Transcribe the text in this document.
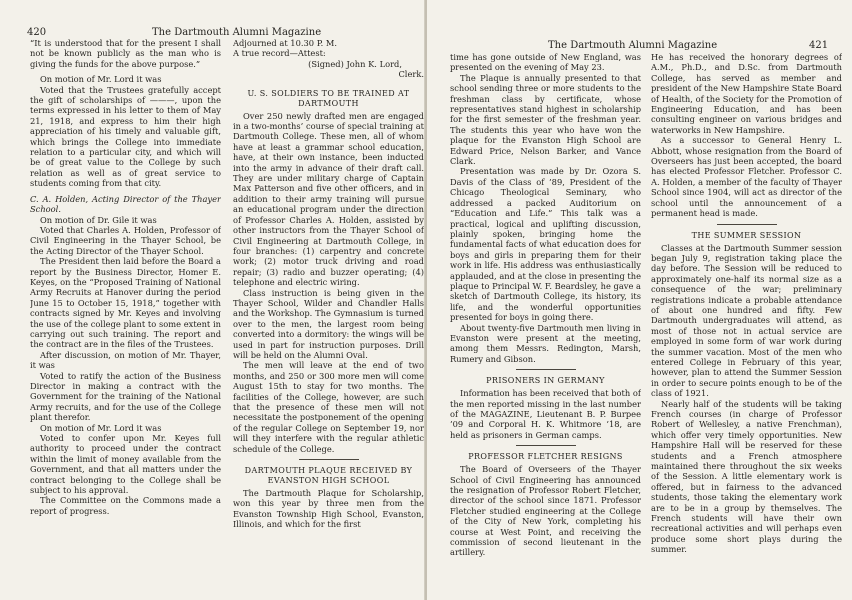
420	The Dartmouth Alumni Magazine

“It is understood that for the present I shall not be known publicly as the man who is giving the funds for the above purpose.”

On motion of Mr. Lord it was

Voted that the Trustees gratefully accept the gift of scholarships of ———, upon the terms expressed in his letter to them of May 21, 1918, and express to him their high appreciation of his timely and valuable gift, which brings the College into immediate relation to a particular city, and which will be of great value to the College by such relation as well as of great service to students coming from that city.

C. A. Holden, Acting Director of the Thayer School.

On motion of Dr. Gile it was

Voted that Charles A. Holden, Professor of Civil Engineering in the Thayer School, be the Acting Director of the Thayer School.

The President then laid before the Board a report by the Business Director, Homer E. Keyes, on the “Proposed Training of National Army Recruits at Hanover during the period June 15 to October 15, 1918,” together with contracts signed by Mr. Keyes and involving the use of the college plant to some extent in carrying out such training. The report and the contract are in the files of the Trustees.

After discussion, on motion of Mr. Thayer, it was

Voted to ratify the action of the Business Director in making a contract with the Government for the training of the National Army recruits, and for the use of the College plant therefor.

On motion of Mr. Lord it was

Voted to confer upon Mr. Keyes full authority to proceed under the contract within the limit of money available from the Government, and that all matters under the contract belonging to the College shall be subject to his approval.

The Committee on the Commons made a report of progress.

Adjourned at 10.30 P. M.

A true record—Attest:

(Signed) John K. Lord,

Clerk.

U. S. SOLDIERS TO BE TRAINED AT DARTMOUTH

Over 250 newly drafted men are engaged in a two-months’ course of special training at Dartmouth College. These men, all of whom have at least a grammar school education, have, at their own instance, been inducted into the army in advance of their draft call. They are under military charge of Captain Max Patterson and five other officers, and in addition to their army training will pursue an educational program under the direction of Professor Charles A. Holden, assisted by other instructors from the Thayer School of Civil Engineering at Dartmouth College, in four branches: (1) carpentry and concrete work; (2) motor truck driving and road repair; (3) radio and buzzer operating; (4) telephone and electric wiring.

Class instruction is being given in the Thayer School, Wilder and Chandler Halls and the Workshop. The Gymnasium is turned over to the men, the largest room being converted into a dormitory: the wings will be used in part for instruction purposes. Drill will be held on the Alumni Oval.

The men will leave at the end of two months, and 250 or 300 more men will come August 15th to stay for two months. The facilities of the College, however, are such that the presence of these men will not necessitate the postponement of the opening of the regular College on September 19, nor will they interfere with the regular athletic schedule of the College.

DARTMOUTH PLAQUE RECEIVED BY EVANSTON HIGH SCHOOL

The Dartmouth Plaque for Scholarship, won this year by three men from the Evanston Township High School, Evanston, Illinois, and which for the first

The Dartmouth Alumni Magazine	421

time has gone outside of New England, was presented on the evening of May 23.

The Plaque is annually presented to that school sending three or more students to the freshman class by certificate, whose representatives stand highest in scholarship for the first semester of the freshman year. The students this year who have won the plaque for the Evanston High School are Edward Price, Nelson Barker, and Vance Clark.

Presentation was made by Dr. Ozora S. Davis of the Class of ’89, President of the Chicago Theological Seminary, who addressed a packed Auditorium on “Education and Life.” This talk was a practical, logical and uplifting discussion, plainly spoken, bringing home the fundamental facts of what education does for boys and girls in preparing them for their work in life. His address was enthusiastically applauded, and at the close in presenting the plaque to Principal W. F. Beardsley, he gave a sketch of Dartmouth College, its history, its life, and the wonderful opportunities presented for boys in going there.

About twenty-five Dartmouth men living in Evanston were present at the meeting, among them Messrs. Redington, Marsh, Rumery and Gibson.

PRISONERS IN GERMANY

Information has been received that both of the men reported missing in the last number of the MAGAZINE, Lieutenant B. P. Burpee ’09 and Corporal H. K. Whitmore ’18, are held as prisoners in German camps.

PROFESSOR FLETCHER RESIGNS

The Board of Overseers of the Thayer School of Civil Engineering has announced the resignation of Professor Robert Fletcher, director of the school since 1871. Professor Fletcher studied engineering at the College of the City of New York, completing his course at West Point, and receiving the commission of second lieutenant in the artillery.

He has received the honorary degrees of A.M., Ph.D., and D.Sc. from Dartmouth College, has served as member and president of the New Hampshire State Board of Health, of the Society for the Promotion of Engineering Education, and has been consulting engineer on various bridges and waterworks in New Hampshire.

As a successor to General Henry L. Abbott, whose resignation from the Board of Overseers has just been accepted, the board has elected Professor Fletcher. Professor C. A. Holden, a member of the faculty of Thayer School since 1904, will act as director of the school until the announcement of a permanent head is made.

THE SUMMER SESSION

Classes at the Dartmouth Summer session began July 9, registration taking place the day before. The Session will be reduced to approximately one-half its normal size as a consequence of the war; preliminary registrations indicate a probable attendance of about one hundred and fifty. Few Dartmouth undergraduates will attend, as most of those not in actual service are employed in some form of war work during the summer vacation. Most of the men who entered College in February of this year, however, plan to attend the Summer Session in order to secure points enough to be of the class of 1921.

Nearly half of the students will be taking French courses (in charge of Professor Robert of Wellesley, a native Frenchman), which offer very timely opportunities. New Hampshire Hall will be reserved for these students and a French atmosphere maintained there throughout the six weeks of the Session. A little elementary work is offered, but in fairness to the advanced students, those taking the elementary work are to be in a group by themselves. The French students will have their own recreational activities and will perhaps even produce some short plays during the summer.
